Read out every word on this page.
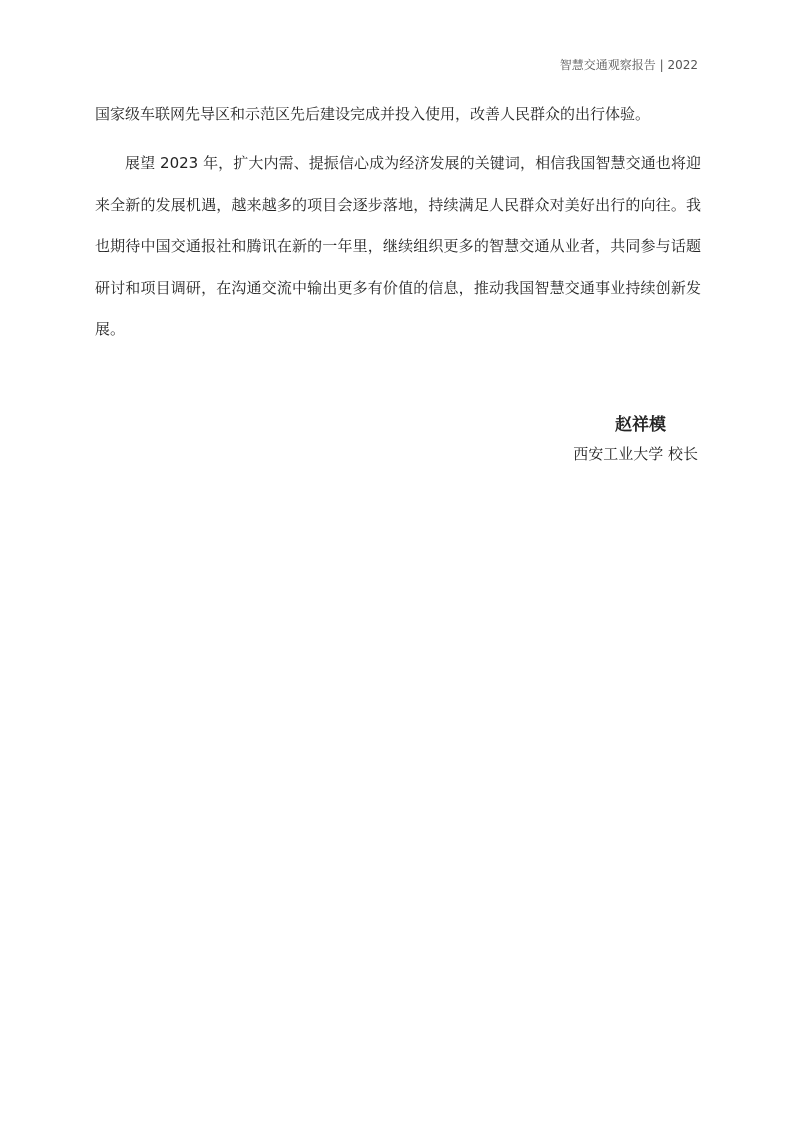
智慧交通观察报告 | 2022
国家级车联网先导区和示范区先后建设完成并投入使用，改善人民群众的出行体验。
展望 2023 年，扩大内需、提振信心成为经济发展的关键词，相信我国智慧交通也将迎来全新的发展机遇，越来越多的项目会逐步落地，持续满足人民群众对美好出行的向往。我也期待中国交通报社和腾讯在新的一年里，继续组织更多的智慧交通从业者，共同参与话题研讨和项目调研，在沟通交流中输出更多有价值的信息，推动我国智慧交通事业持续创新发展。
赵祥模
西安工业大学 校长
